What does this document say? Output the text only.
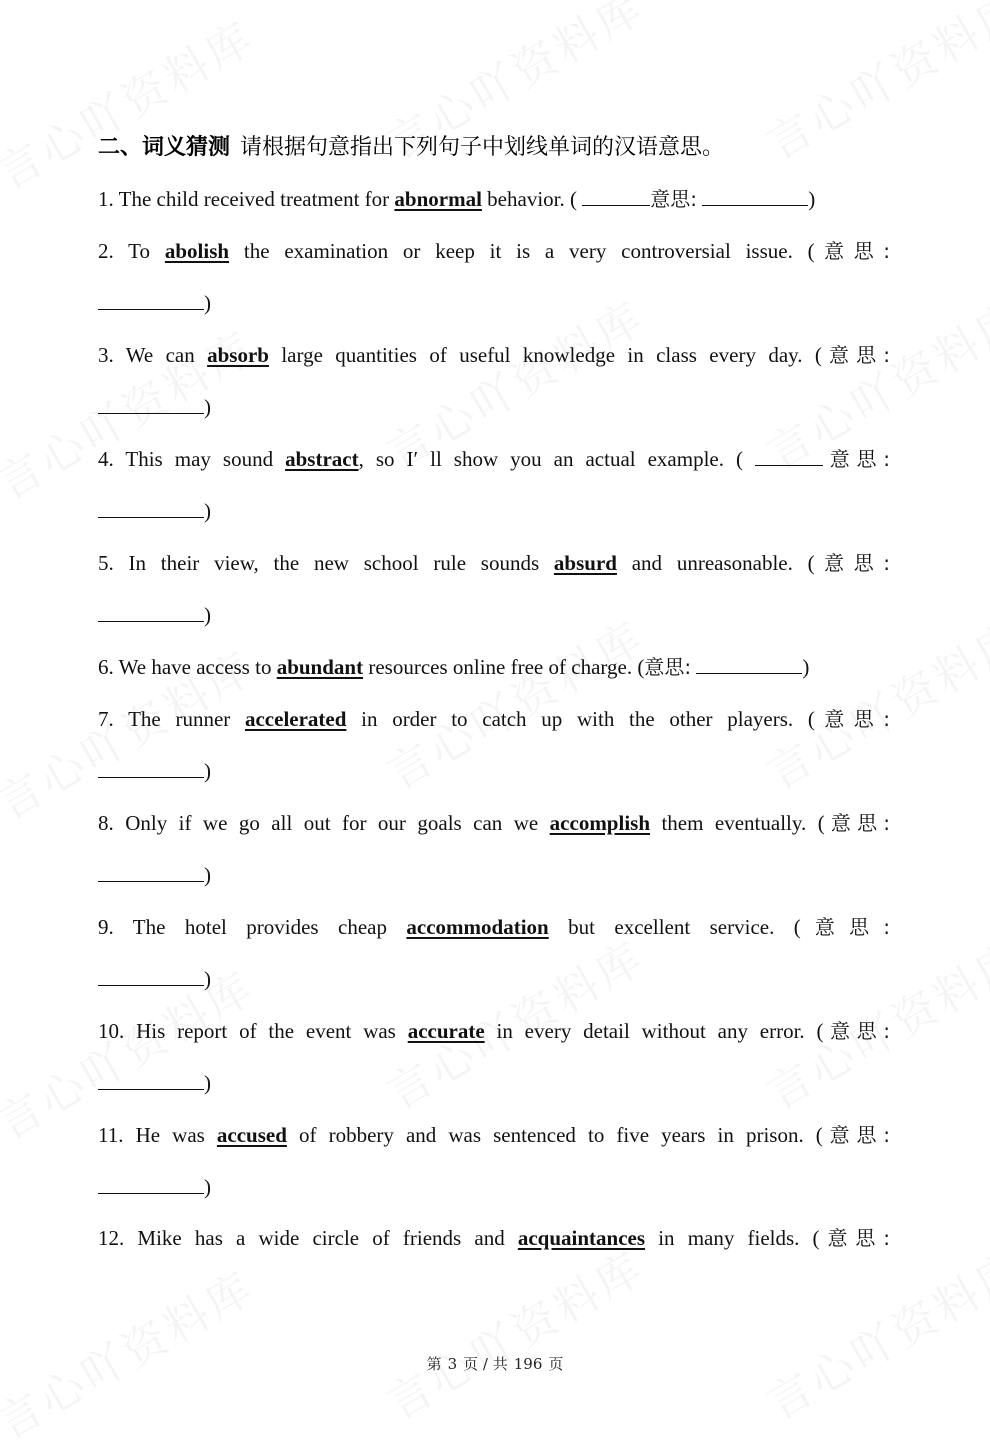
二、词义猜测 请根据句意指出下列句子中划线单词的汉语意思。
1. The child received treatment for abnormal behavior. (	意思:	)
2. To abolish the examination or keep it is a very controversial issue. (意思:
)
3. We can absorb large quantities of useful knowledge in class every day. (意思:
)
4. This may sound abstract, so I′ ll show you an actual example. (	意思:
)
5. In their view, the new school rule sounds absurd and unreasonable. (意思:
)
6. We have access to abundant resources online free of charge. (意思:	)
7. The runner accelerated in order to catch up with the other players. (意思:
)
8. Only if we go all out for our goals can we accomplish them eventually. (意思:
)
9. The hotel provides cheap accommodation but excellent service. (意思:
)
10. His report of the event was accurate in every detail without any error. (意思:
)
11. He was accused of robbery and was sentenced to five years in prison. (意思:
)
12. Mike has a wide circle of friends and acquaintances in many fields. (意思:
第 3 页 / 共 196 页
